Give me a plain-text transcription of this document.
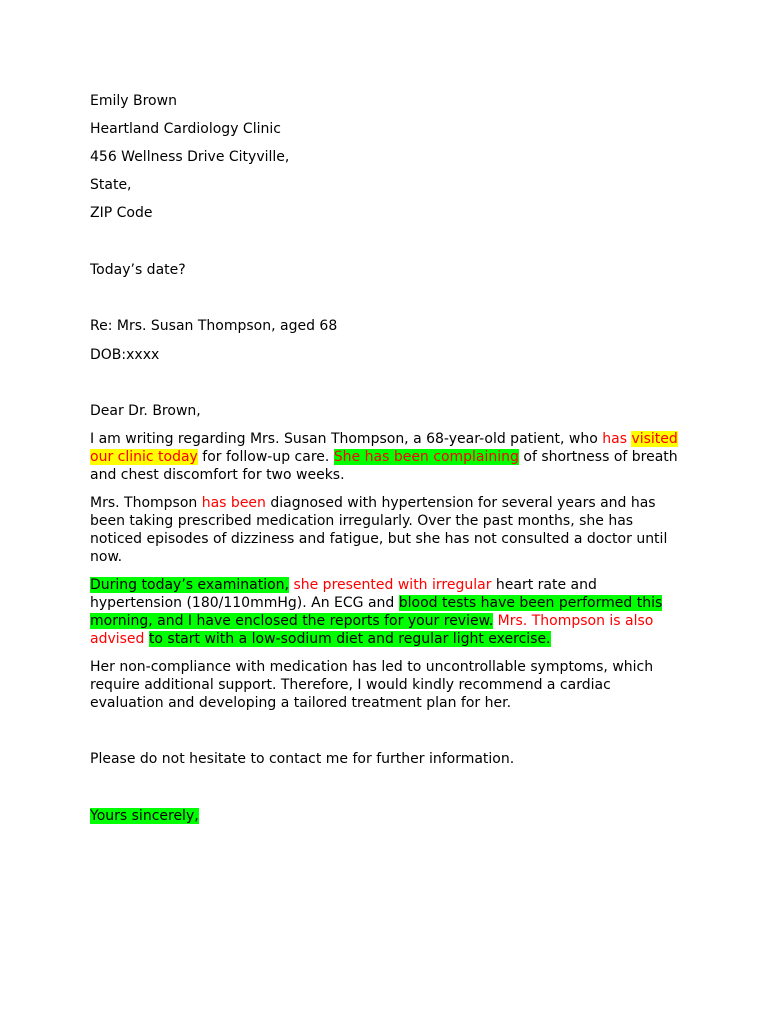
Emily Brown
Heartland Cardiology Clinic
456 Wellness Drive Cityville,
State,
ZIP Code
Today’s date?
Re: Mrs. Susan Thompson, aged 68
DOB:xxxx
Dear Dr. Brown,
I am writing regarding Mrs. Susan Thompson, a 68-year-old patient, who has visited our clinic today for follow-up care. She has been complaining of shortness of breath and chest discomfort for two weeks.
Mrs. Thompson has been diagnosed with hypertension for several years and has been taking prescribed medication irregularly. Over the past months, she has noticed episodes of dizziness and fatigue, but she has not consulted a doctor until now.
During today’s examination, she presented with irregular heart rate and hypertension (180/110mmHg). An ECG and blood tests have been performed this morning, and I have enclosed the reports for your review. Mrs. Thompson is also advised to start with a low-sodium diet and regular light exercise.
Her non-compliance with medication has led to uncontrollable symptoms, which require additional support. Therefore, I would kindly recommend a cardiac evaluation and developing a tailored treatment plan for her.
Please do not hesitate to contact me for further information.
Yours sincerely,
